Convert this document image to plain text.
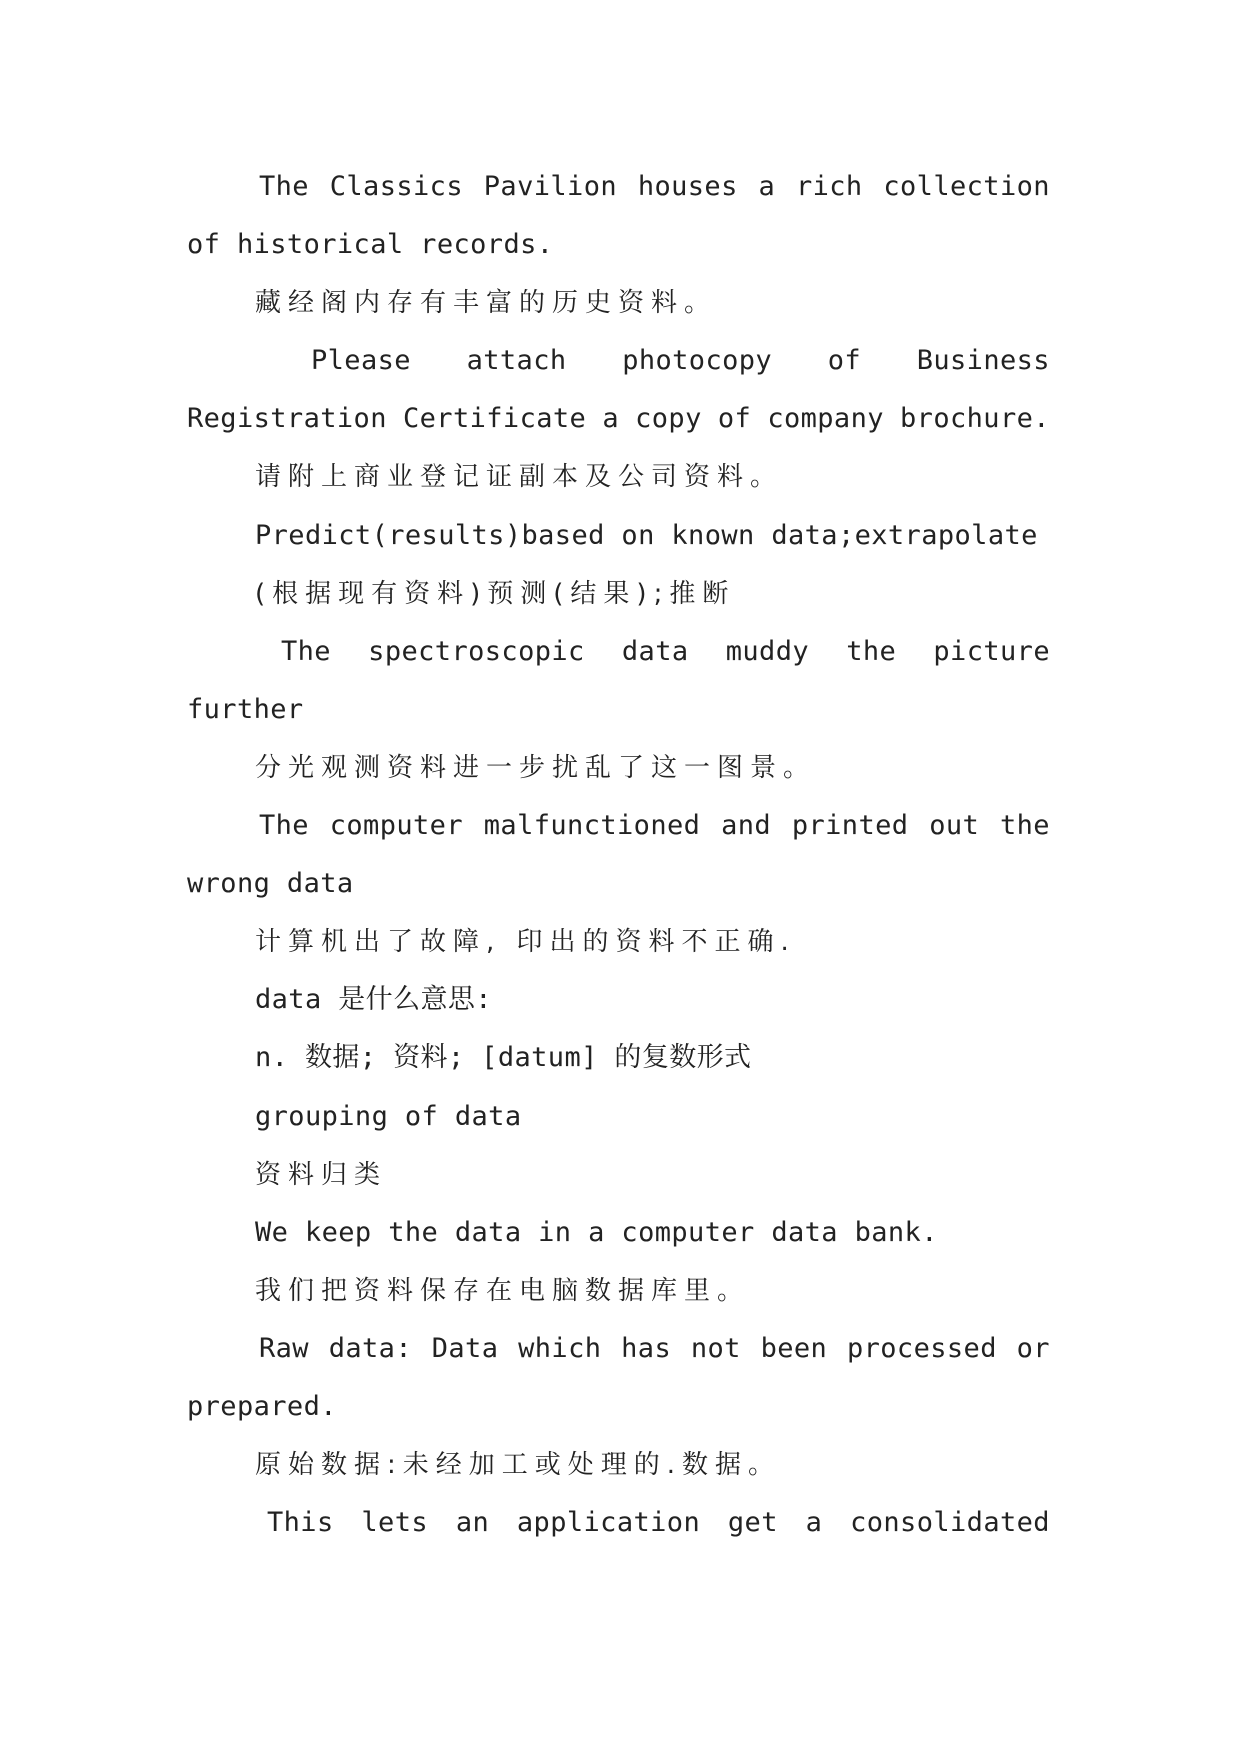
The Classics Pavilion houses a rich collection
of historical records.
藏经阁内存有丰富的历史资料。
Please attach photocopy of Business
Registration Certificate a copy of company brochure.
请附上商业登记证副本及公司资料。
Predict(results)based on known data;extrapolate
(根据现有资料)预测(结果);推断
The spectroscopic data muddy the picture
further
分光观测资料进一步扰乱了这一图景。
The computer malfunctioned and printed out the
wrong data
计算机出了故障, 印出的资料不正确.
data 是什么意思:
n. 数据; 资料; [datum] 的复数形式
grouping of data
资料归类
We keep the data in a computer data bank.
我们把资料保存在电脑数据库里。
Raw data: Data which has not been processed or
prepared.
原始数据:未经加工或处理的.数据。
This lets an application get a consolidated
